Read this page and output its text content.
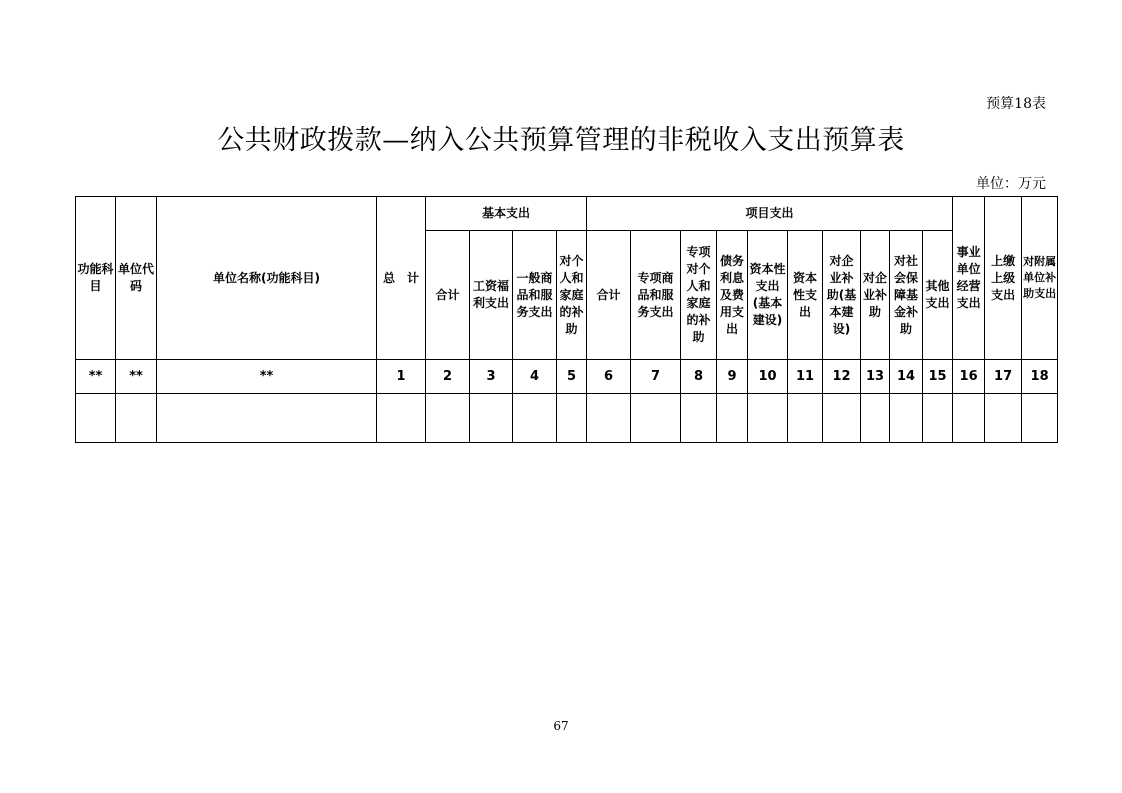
预算18表
公共财政拨款—纳入公共预算管理的非税收入支出预算表
单位：万元
功能科目	单位代码	单位名称(功能科目)	总　计	基本支出				项目支出										事业单位经营支出	上缴上级支出	对附属单位补助支出
				合计	工资福利支出	一般商品和服务支出	对个人和家庭的补助	合计	专项商品和服务支出	专项对个人和家庭的补助	债务利息及费用支出	资本性支出(基本建设)	资本性支出	对企业补助(基本建设)	对企业补助	对社会保障基金补助	其他支出			
**	**	**	1	2	3	4	5	6	7	8	9	10	11	12	13	14	15	16	17	18

67
